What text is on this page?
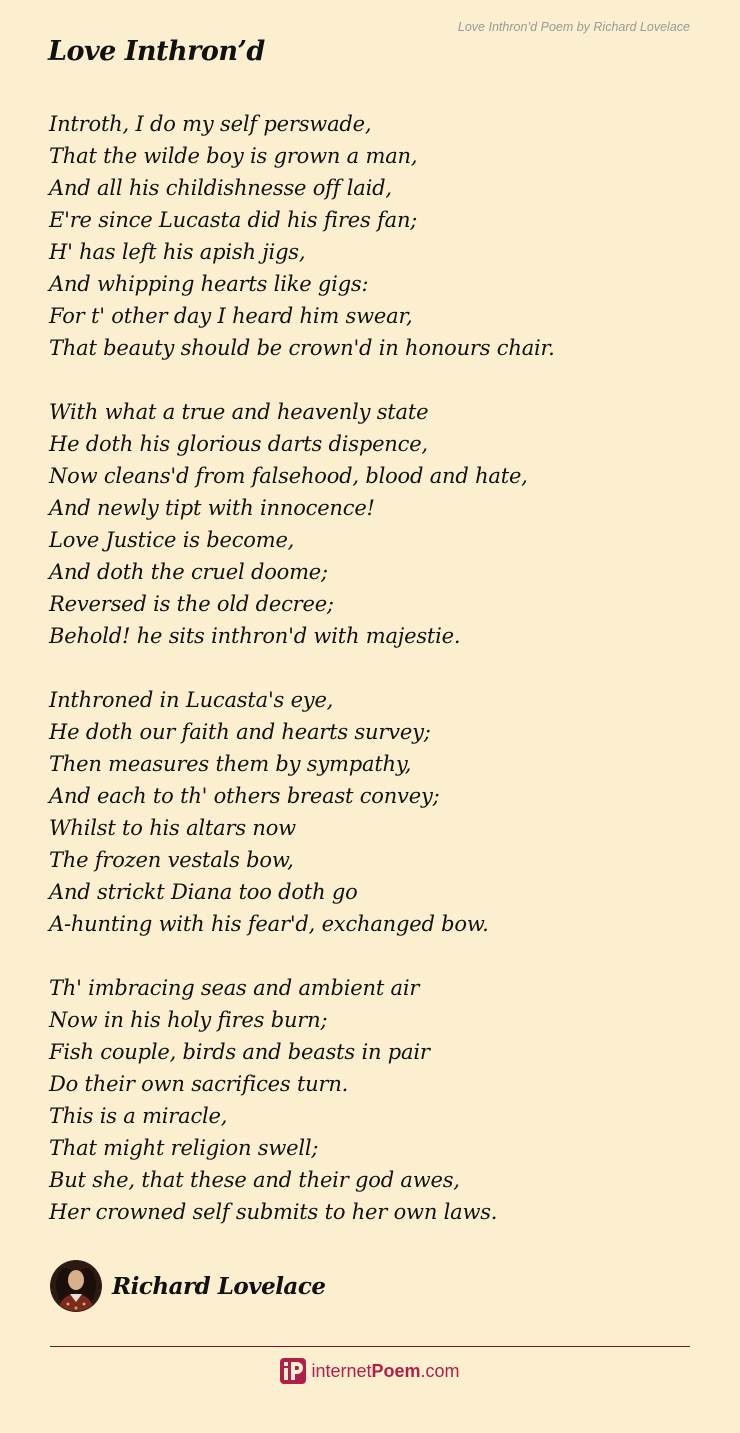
Love Inthron’d Poem by Richard Lovelace
Love Inthron’d
Introth, I do my self perswade,
That the wilde boy is grown a man,
And all his childishnesse off laid,
E're since Lucasta did his fires fan;
H' has left his apish jigs,
And whipping hearts like gigs:
For t' other day I heard him swear,
That beauty should be crown'd in honours chair.
With what a true and heavenly state
He doth his glorious darts dispence,
Now cleans'd from falsehood, blood and hate,
And newly tipt with innocence!
Love Justice is become,
And doth the cruel doome;
Reversed is the old decree;
Behold! he sits inthron'd with majestie.
Inthroned in Lucasta's eye,
He doth our faith and hearts survey;
Then measures them by sympathy,
And each to th' others breast convey;
Whilst to his altars now
The frozen vestals bow,
And strickt Diana too doth go
A-hunting with his fear'd, exchanged bow.
Th' imbracing seas and ambient air
Now in his holy fires burn;
Fish couple, birds and beasts in pair
Do their own sacrifices turn.
This is a miracle,
That might religion swell;
But she, that these and their god awes,
Her crowned self submits to her own laws.
Richard Lovelace
internetPoem.com
